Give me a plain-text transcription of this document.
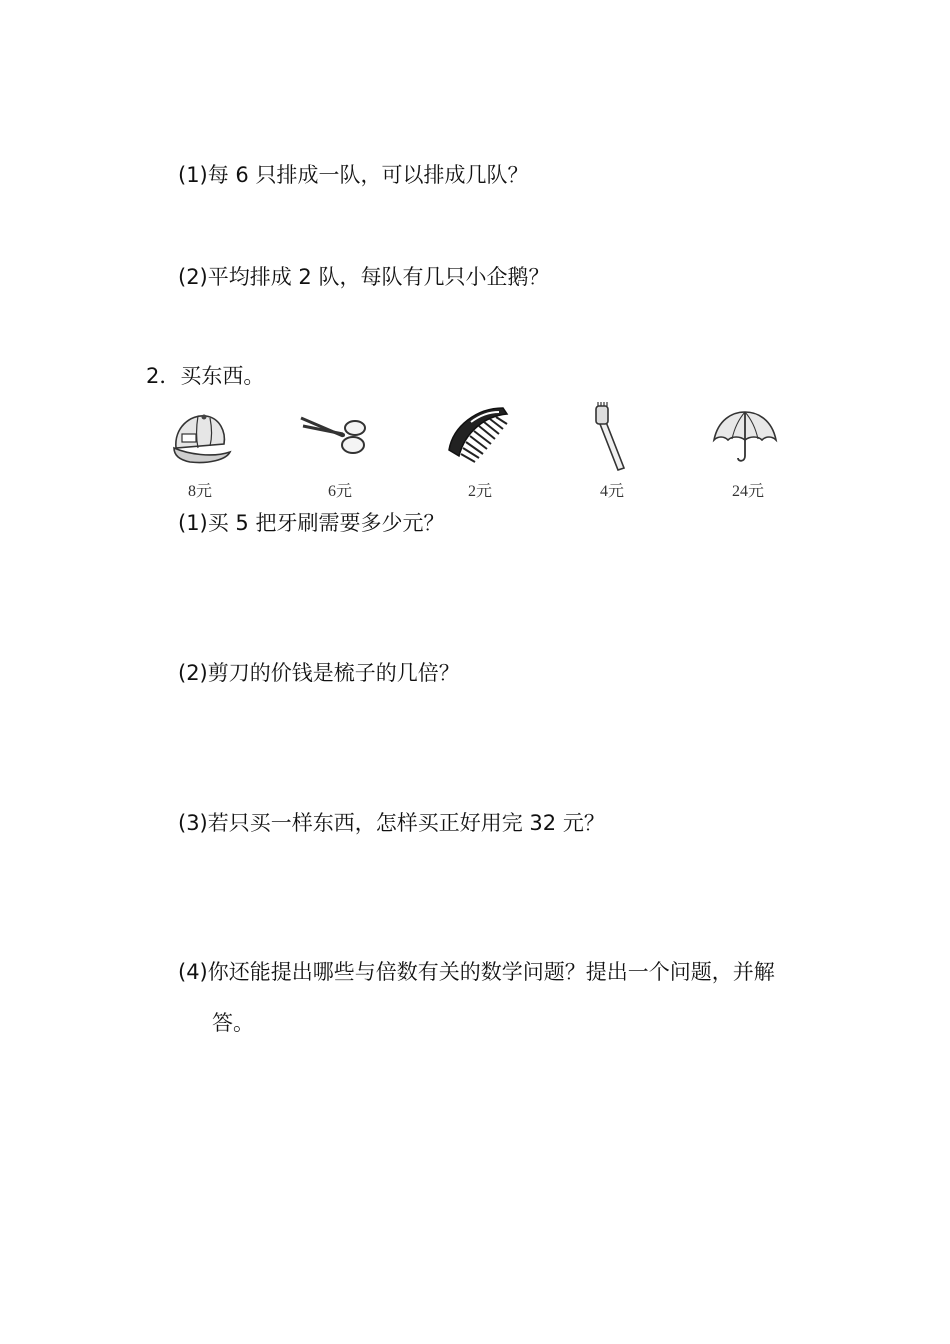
(1)每 6 只排成一队，可以排成几队？
(2)平均排成 2 队，每队有几只小企鹅？
2．买东西。
8元	6元	2元	4元	24元
(1)买 5 把牙刷需要多少元？
(2)剪刀的价钱是梳子的几倍？
(3)若只买一样东西，怎样买正好用完 32 元？
(4)你还能提出哪些与倍数有关的数学问题？提出一个问题，并解
答。
